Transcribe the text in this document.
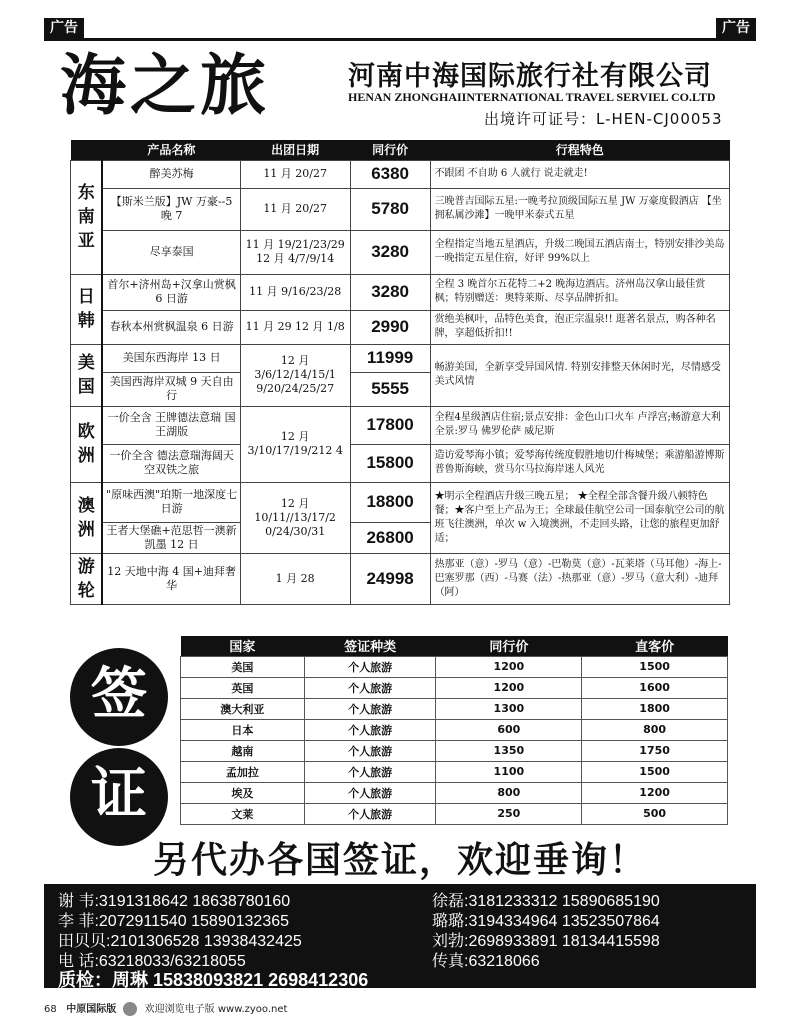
广告	广告
海之旅	河南中海国际旅行社有限公司
HENAN ZHONGHAIINTERNATIONAL TRAVEL SERVIEL CO.LTD
出境许可证号：L-HEN-CJ00053
	产品名称	出团日期	同行价	行程特色
东南亚	醉美苏梅	11 月 20/27	6380	不跟团 不自助 6 人就行 说走就走!
	【斯米兰版】JW 万豪--5 晚 7	11 月 20/27	5780	三晚普吉国际五星:一晚考拉顶级国际五星 JW 万豪度假酒店 【坐拥私属沙滩】一晚甲米泰式五星
	尽享泰国	11 月 19/21/23/29 12 月 4/7/9/14	3280	全程指定当地五星酒店，升级二晚国五酒店南士，特别安排沙美岛一晚指定五星住宿，好评 99%以上
日韩	首尔+济州岛+汉拿山赏枫 6 日游	11 月 9/16/23/28	3280	全程 3 晚首尔五花特二+2 晚海边酒店。济州岛汉拿山最佳赏枫；特别赠送：奥特莱斯、尽享品牌折扣。
	春秋本州赏枫温泉 6 日游	11 月 29 12 月 1/8	2990	赏绝美枫叶，品特色美食，泡正宗温泉!! 逛著名景点，购各种名牌，享超低折扣!!
美国	美国东西海岸 13 日	12 月 3/6/12/14/15/1 9/20/24/25/27	11999	畅游美国，全新享受异国风情. 特别安排整天休闲时光，尽情感受美式风情
	美国西海岸双城 9 天自由行		5555	
欧洲	一价全含 王牌德法意瑞 国王湖版	12 月 3/10/17/19/212 4	17800	全程4星级酒店住宿;景点安排：金色山口火车 卢浮宫;畅游意大利全景:罗马 佛罗伦萨 威尼斯
	一价全含 德法意瑞海阔天空双铁之旅		15800	造访爱琴海小镇；爱琴海传统度假胜地切什梅城堡；乘游船游博斯普鲁斯海峡，赏马尔马拉海岸迷人风光
澳洲	"原味西澳"珀斯一地深度七日游	12 月 10/11//13/17/2 0/24/30/31	18800	★明示全程酒店升级三晚五星； ★全程全部含餐升级八顿特色餐；★客户至上产品为王；全球最佳航空公司一国泰航空公司的航班飞往澳洲，单次 w 入境澳洲，不走回头路，让您的旅程更加舒适；
	王者大堡礁+范思哲一澳新凯墨 12 日		26800	
游轮	12 天地中海 4 国+迪拜奢华	1 月 28	24998	热那亚（意）-罗马（意）-巴勒莫（意）-瓦莱塔（马耳他）-海上-巴塞罗那（西）-马赛（法）-热那亚（意）-罗马（意大利）-迪拜（阿）
签
证
国家	签证种类	同行价	直客价
美国	个人旅游	1200	1500
英国	个人旅游	1200	1600
澳大利亚	个人旅游	1300	1800
日本	个人旅游	600	800
越南	个人旅游	1350	1750
孟加拉	个人旅游	1100	1500
埃及	个人旅游	800	1200
文莱	个人旅游	250	500
另代办各国签证，欢迎垂询！
谢 韦:3191318642 18638780160	徐磊:3181233312 15890685190
李 菲:2072911540 15890132365	璐璐:3194334964 13523507864
田贝贝:2101306528 13938432425	刘勃:2698933891 18134415598
电 话:63218033/63218055	传真:63218066
质检：周琳 15838093821 2698412306
68 中原国际版	欢迎浏览电子版 www.zyoo.net
